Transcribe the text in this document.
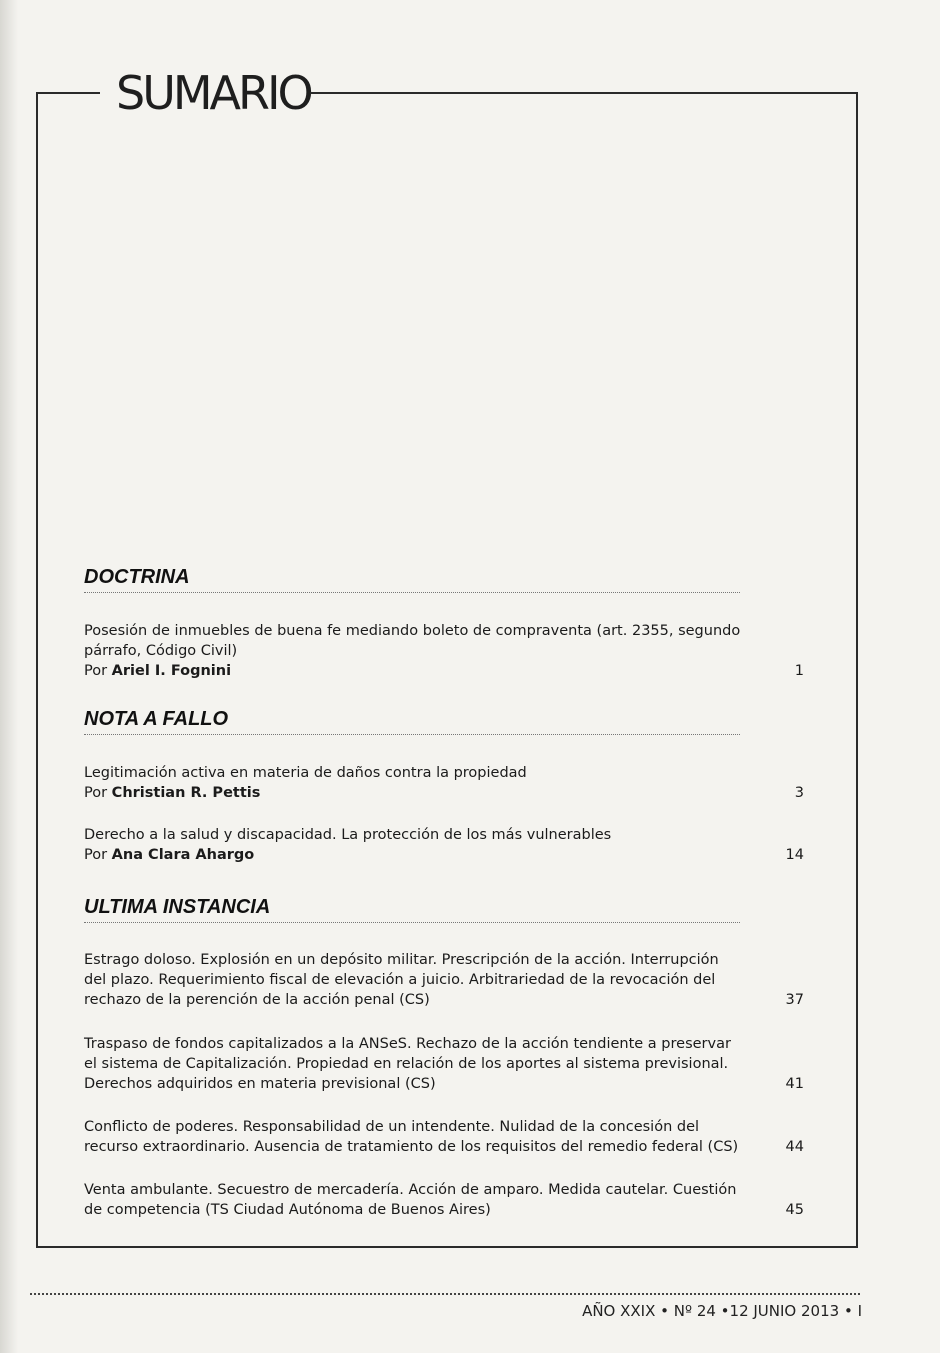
SUMARIO
DOCTRINA
Posesión de inmuebles de buena fe mediando boleto de compraventa (art. 2355, segundo párrafo, Código Civil)
Por Ariel I. Fognini	1
NOTA A FALLO
Legitimación activa en materia de daños contra la propiedad
Por Christian R. Pettis	3
Derecho a la salud y discapacidad. La protección de los más vulnerables
Por Ana Clara Ahargo	14
ULTIMA INSTANCIA
Estrago doloso. Explosión en un depósito militar. Prescripción de la acción. Interrupción del plazo. Requerimiento fiscal de elevación a juicio. Arbitrariedad de la revocación del rechazo de la perención de la acción penal (CS)	37
Traspaso de fondos capitalizados a la ANSeS. Rechazo de la acción tendiente a preservar el sistema de Capitalización. Propiedad en relación de los aportes al sistema previsional. Derechos adquiridos en materia previsional (CS)	41
Conflicto de poderes. Responsabilidad de un intendente. Nulidad de la concesión del recurso extraordinario. Ausencia de tratamiento de los requisitos del remedio federal (CS)	44
Venta ambulante. Secuestro de mercadería. Acción de amparo. Medida cautelar. Cuestión de competencia (TS Ciudad Autónoma de Buenos Aires)	45
AÑO XXIX • Nº 24 •12 JUNIO 2013 • I
